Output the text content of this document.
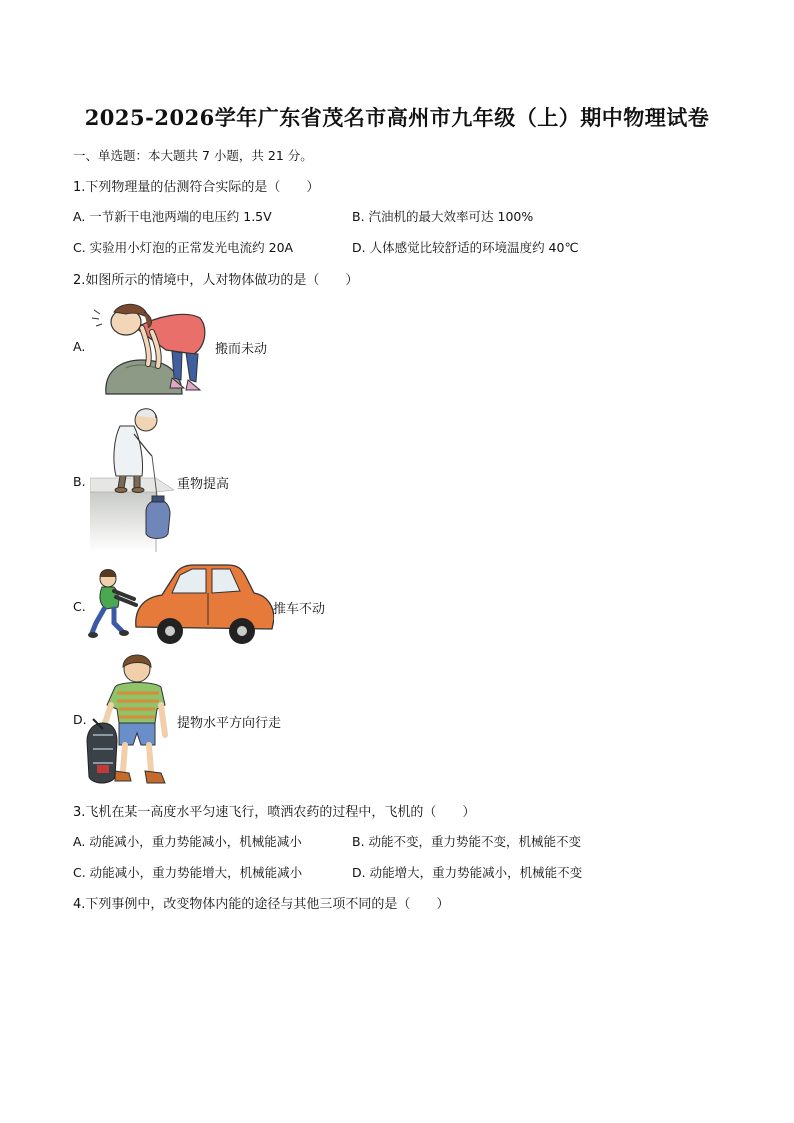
2025-2026学年广东省茂名市高州市九年级（上）期中物理试卷
一、单选题：本大题共 7 小题，共 21 分。
1.下列物理量的估测符合实际的是（　　）
A. 一节新干电池两端的电压约 1.5V	B. 汽油机的最大效率可达 100%
C. 实验用小灯泡的正常发光电流约 20A	D. 人体感觉比较舒适的环境温度约 40℃
2.如图所示的情境中，人对物体做功的是（　　）
A.	搬而未动
B.	重物提高
C.	推车不动
D.	提物水平方向行走
3.飞机在某一高度水平匀速飞行，喷洒农药的过程中，飞机的（　　）
A. 动能减小，重力势能减小，机械能减小	B. 动能不变，重力势能不变，机械能不变
C. 动能减小，重力势能增大，机械能减小	D. 动能增大，重力势能减小，机械能不变
4.下列事例中，改变物体内能的途径与其他三项不同的是（　　）
